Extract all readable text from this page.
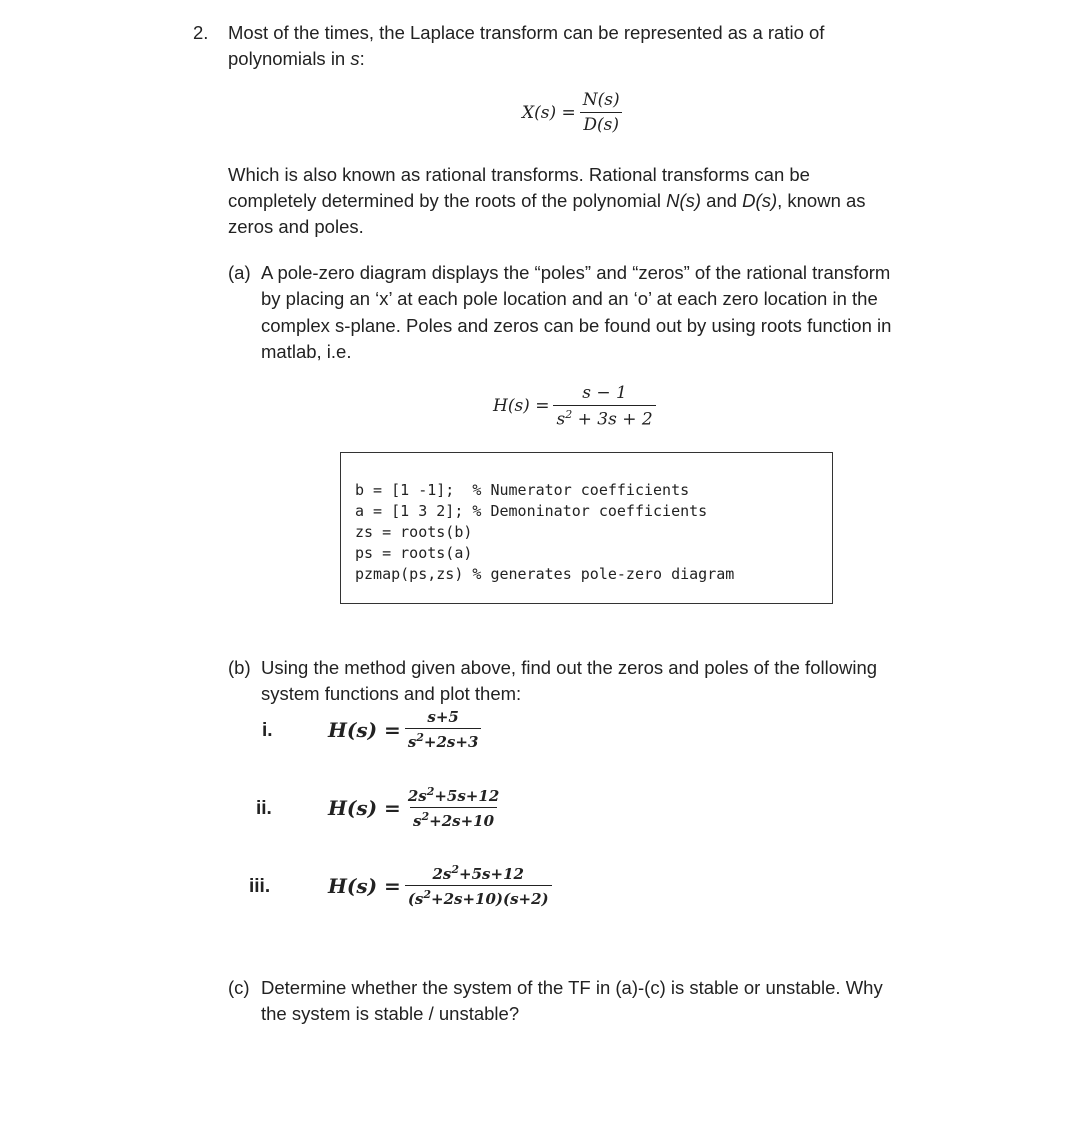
2. Most of the times, the Laplace transform can be represented as a ratio of
polynomials in s:
$X(s) = \frac{N(s)}{D(s)}$
Which is also known as rational transforms. Rational transforms can be
completely determined by the roots of the polynomial N(s) and D(s), known as
zeros and poles.
(a) A pole-zero diagram displays the “poles” and “zeros” of the rational transform
by placing an ‘x’ at each pole location and an ‘o’ at each zero location in the
complex s-plane. Poles and zeros can be found out by using roots function in
matlab, i.e.
$H(s) = \frac{s - 1}{s^2 + 3s + 2}$

b = [1 -1];  % Numerator coefficients
a = [1 3 2]; % Demoninator coefficients
zs = roots(b)
ps = roots(a)
pzmap(ps,zs) % generates pole-zero diagram
(b) Using the method given above, find out the zeros and poles of the following
system functions and plot them:
i.	$H(s) = \frac{s+5}{s^2+2s+3}$
ii.	$H(s) = \frac{2s^2+5s+12}{s^2+2s+10}$
iii.	$H(s) = \frac{2s^2+5s+12}{(s^2+2s+10)(s+2)}$
(c) Determine whether the system of the TF in (a)-(c) is stable or unstable. Why
the system is stable / unstable?
